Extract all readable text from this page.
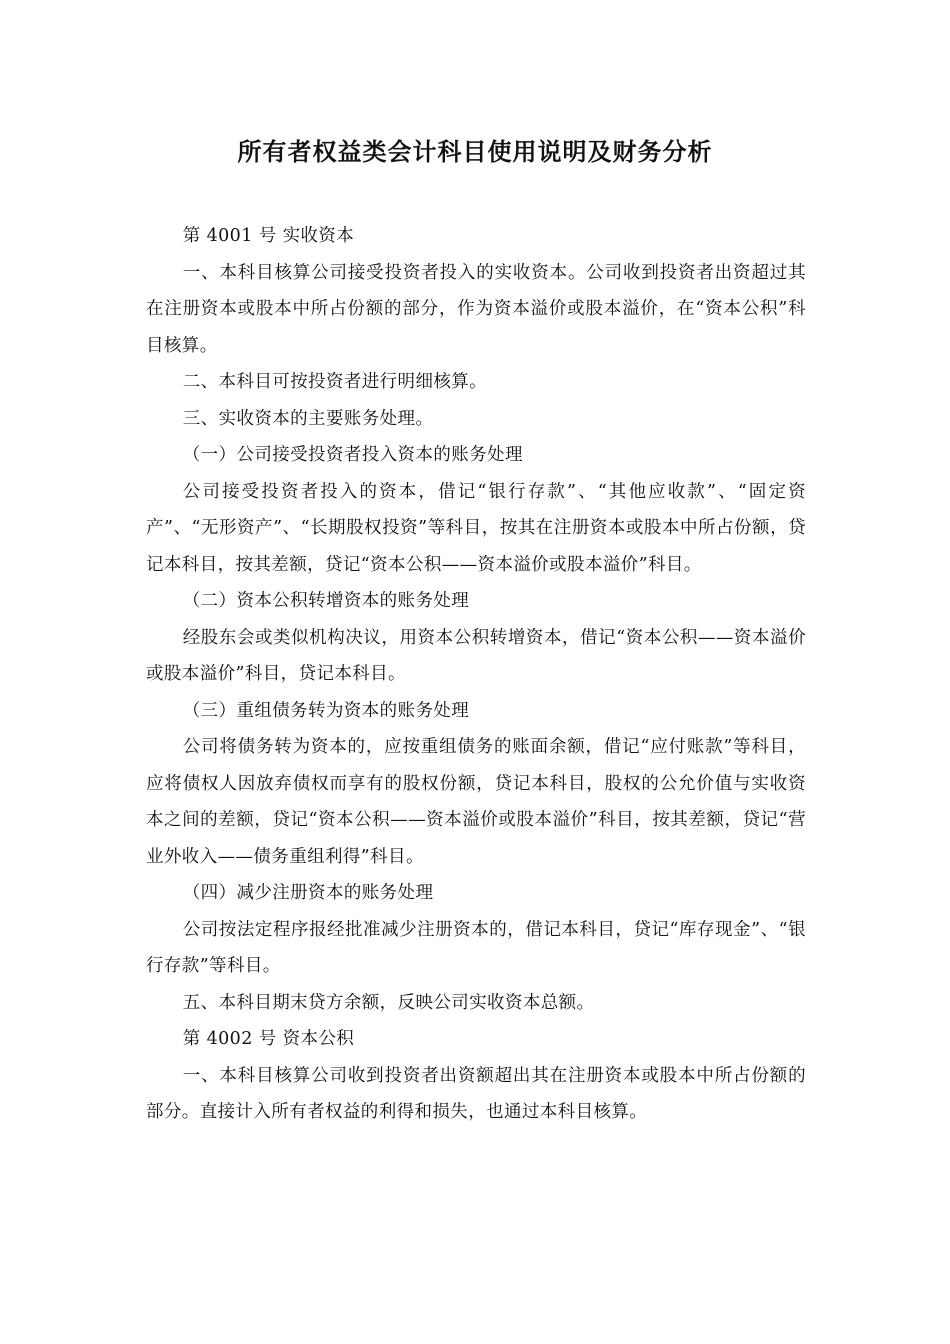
所有者权益类会计科目使用说明及财务分析

第 4001 号 实收资本

一、本科目核算公司接受投资者投入的实收资本。公司收到投资者出资超过其在注册资本或股本中所占份额的部分，作为资本溢价或股本溢价，在“资本公积”科目核算。

二、本科目可按投资者进行明细核算。

三、实收资本的主要账务处理。

（一）公司接受投资者投入资本的账务处理

公司接受投资者投入的资本，借记“银行存款”、“其他应收款”、“固定资产”、“无形资产”、“长期股权投资”等科目，按其在注册资本或股本中所占份额，贷记本科目，按其差额，贷记“资本公积——资本溢价或股本溢价”科目。

（二）资本公积转增资本的账务处理

经股东会或类似机构决议，用资本公积转增资本，借记“资本公积——资本溢价或股本溢价”科目，贷记本科目。

（三）重组债务转为资本的账务处理

公司将债务转为资本的，应按重组债务的账面余额，借记“应付账款”等科目，应将债权人因放弃债权而享有的股权份额，贷记本科目，股权的公允价值与实收资本之间的差额，贷记“资本公积——资本溢价或股本溢价”科目，按其差额，贷记“营业外收入——债务重组利得”科目。

（四）减少注册资本的账务处理

公司按法定程序报经批准减少注册资本的，借记本科目，贷记“库存现金”、“银行存款”等科目。

五、本科目期末贷方余额，反映公司实收资本总额。

第 4002 号 资本公积

一、本科目核算公司收到投资者出资额超出其在注册资本或股本中所占份额的部分。直接计入所有者权益的利得和损失，也通过本科目核算。
